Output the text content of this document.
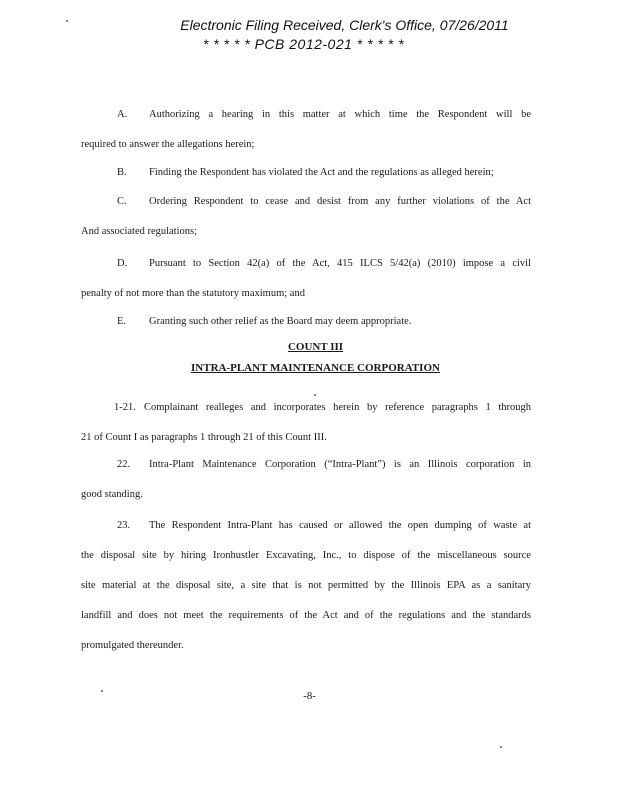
Electronic Filing Received, Clerk's Office, 07/26/2011
* * * * * PCB 2012-021 * * * * *

A. Authorizing a hearing in this matter at which time the Respondent will be
required to answer the allegations herein;

B. Finding the Respondent has violated the Act and the regulations as alleged herein;

C. Ordering Respondent to cease and desist from any further violations of the Act
And associated regulations;

D. Pursuant to Section 42(a) of the Act, 415 ILCS 5/42(a) (2010) impose a civil
penalty of not more than the statutory maximum; and

E. Granting such other relief as the Board may deem appropriate.

COUNT III
INTRA-PLANT MAINTENANCE CORPORATION

1-21. Complainant realleges and incorporates herein by reference paragraphs 1 through
21 of Count I as paragraphs 1 through 21 of this Count III.

22. Intra-Plant Maintenance Corporation (“Intra-Plant”) is an Illinois corporation in
good standing.

23. The Respondent Intra-Plant has caused or allowed the open dumping of waste at
the disposal site by hiring Ironhustler Excavating, Inc., to dispose of the miscellaneous source
site material at the disposal site, a site that is not permitted by the Illinois EPA as a sanitary
landfill and does not meet the requirements of the Act and of the regulations and the standards
promulgated thereunder.

-8-
